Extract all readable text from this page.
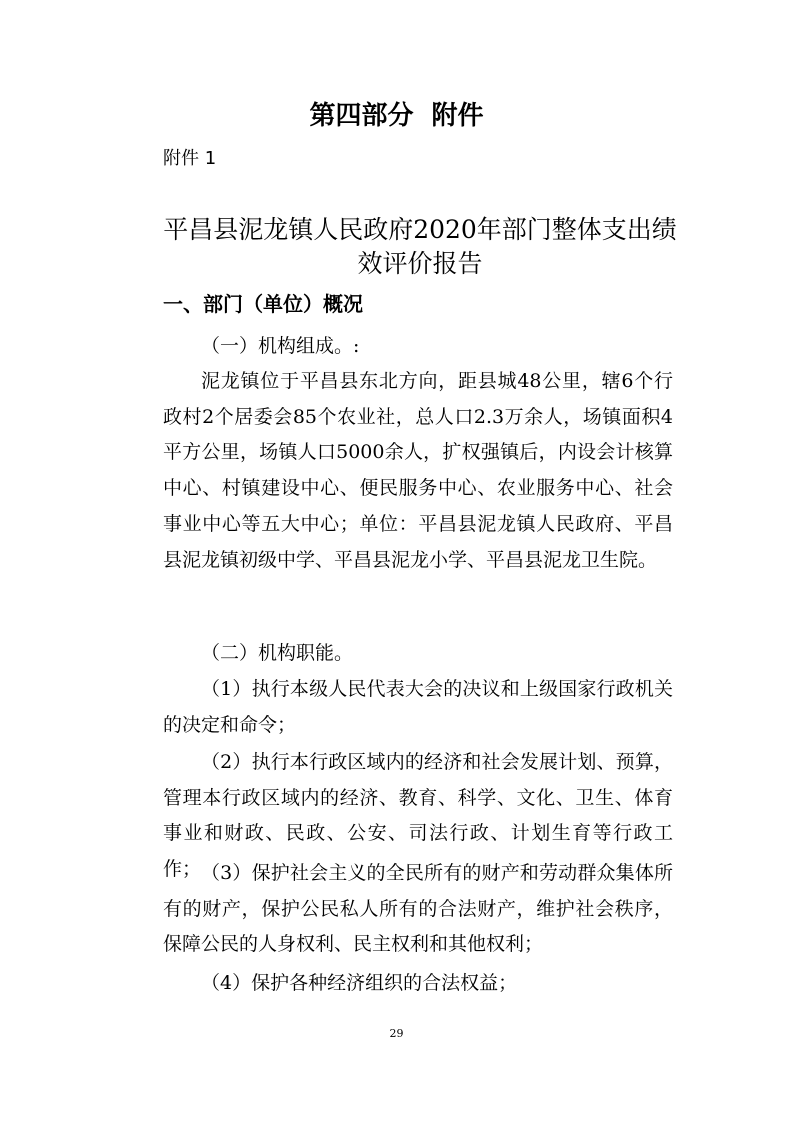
第四部分  附件
附件 1
平昌县泥龙镇人民政府2020年部门整体支出绩效评价报告
一、部门（单位）概况

（一）机构组成。:

泥龙镇位于平昌县东北方向，距县城48公里，辖6个行政村2个居委会85个农业社，总人口2.3万余人，场镇面积4平方公里，场镇人口5000余人，扩权强镇后，内设会计核算中心、村镇建设中心、便民服务中心、农业服务中心、社会事业中心等五大中心；单位：平昌县泥龙镇人民政府、平昌县泥龙镇初级中学、平昌县泥龙小学、平昌县泥龙卫生院。

（二）机构职能。

（1）执行本级人民代表大会的决议和上级国家行政机关的决定和命令；

（2）执行本行政区域内的经济和社会发展计划、预算，管理本行政区域内的经济、教育、科学、文化、卫生、体育事业和财政、民政、公安、司法行政、计划生育等行政工作； （3）保护社会主义的全民所有的财产和劳动群众集体所有的财产，保护公民私人所有的合法财产，维护社会秩序，保障公民的人身权利、民主权利和其他权利；

（4）保护各种经济组织的合法权益；

29
